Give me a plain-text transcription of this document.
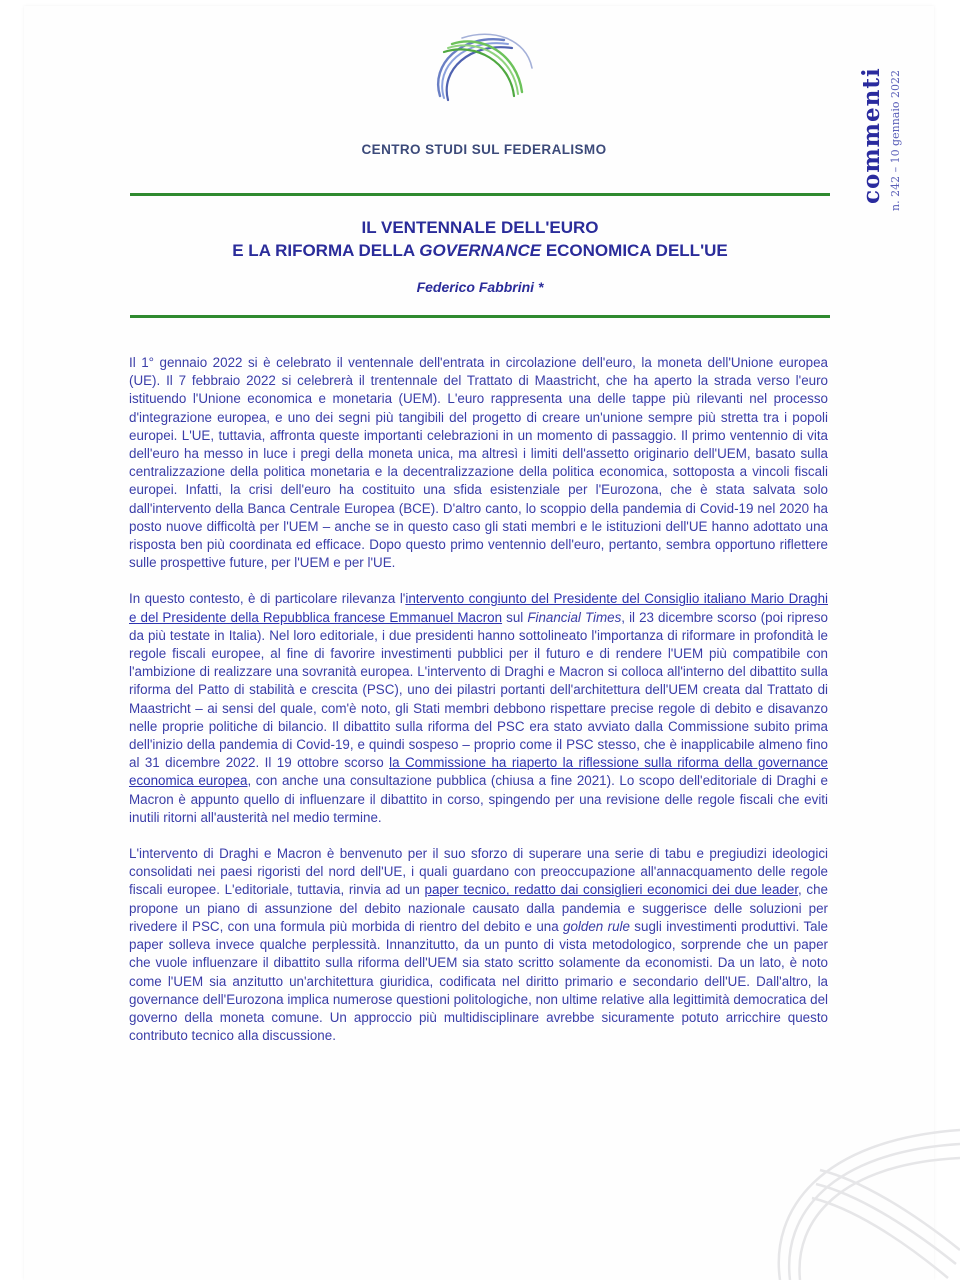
CENTRO STUDI SUL FEDERALISMO	commenti n. 242 – 10 gennaio 2022
IL VENTENNALE DELL'EURO
E LA RIFORMA DELLA GOVERNANCE ECONOMICA DELL'UE
Federico Fabbrini *

Il 1° gennaio 2022 si è celebrato il ventennale dell'entrata in circolazione dell'euro, la moneta dell'Unione europea (UE). Il 7 febbraio 2022 si celebrerà il trentennale del Trattato di Maastricht, che ha aperto la strada verso l'euro istituendo l'Unione economica e monetaria (UEM). L'euro rappresenta una delle tappe più rilevanti nel processo d'integrazione europea, e uno dei segni più tangibili del progetto di creare un'unione sempre più stretta tra i popoli europei. L'UE, tuttavia, affronta queste importanti celebrazioni in un momento di passaggio. Il primo ventennio di vita dell'euro ha messo in luce i pregi della moneta unica, ma altresì i limiti dell'assetto originario dell'UEM, basato sulla centralizzazione della politica monetaria e la decentralizzazione della politica economica, sottoposta a vincoli fiscali europei. Infatti, la crisi dell'euro ha costituito una sfida esistenziale per l'Eurozona, che è stata salvata solo dall'intervento della Banca Centrale Europea (BCE). D'altro canto, lo scoppio della pandemia di Covid-19 nel 2020 ha posto nuove difficoltà per l'UEM – anche se in questo caso gli stati membri e le istituzioni dell'UE hanno adottato una risposta ben più coordinata ed efficace. Dopo questo primo ventennio dell'euro, pertanto, sembra opportuno riflettere sulle prospettive future, per l'UEM e per l'UE.

In questo contesto, è di particolare rilevanza l'intervento congiunto del Presidente del Consiglio italiano Mario Draghi e del Presidente della Repubblica francese Emmanuel Macron sul Financial Times, il 23 dicembre scorso (poi ripreso da più testate in Italia). Nel loro editoriale, i due presidenti hanno sottolineato l'importanza di riformare in profondità le regole fiscali europee, al fine di favorire investimenti pubblici per il futuro e di rendere l'UEM più compatibile con l'ambizione di realizzare una sovranità europea. L'intervento di Draghi e Macron si colloca all'interno del dibattito sulla riforma del Patto di stabilità e crescita (PSC), uno dei pilastri portanti dell'architettura dell'UEM creata dal Trattato di Maastricht – ai sensi del quale, com'è noto, gli Stati membri debbono rispettare precise regole di debito e disavanzo nelle proprie politiche di bilancio. Il dibattito sulla riforma del PSC era stato avviato dalla Commissione subito prima dell'inizio della pandemia di Covid-19, e quindi sospeso – proprio come il PSC stesso, che è inapplicabile almeno fino al 31 dicembre 2022. Il 19 ottobre scorso la Commissione ha riaperto la riflessione sulla riforma della governance economica europea, con anche una consultazione pubblica (chiusa a fine 2021). Lo scopo dell'editoriale di Draghi e Macron è appunto quello di influenzare il dibattito in corso, spingendo per una revisione delle regole fiscali che eviti inutili ritorni all'austerità nel medio termine.

L'intervento di Draghi e Macron è benvenuto per il suo sforzo di superare una serie di tabu e pregiudizi ideologici consolidati nei paesi rigoristi del nord dell'UE, i quali guardano con preoccupazione all'annacquamento delle regole fiscali europee. L'editoriale, tuttavia, rinvia ad un paper tecnico, redatto dai consiglieri economici dei due leader, che propone un piano di assunzione del debito nazionale causato dalla pandemia e suggerisce delle soluzioni per rivedere il PSC, con una formula più morbida di rientro del debito e una golden rule sugli investimenti produttivi. Tale paper solleva invece qualche perplessità. Innanzitutto, da un punto di vista metodologico, sorprende che un paper che vuole influenzare il dibattito sulla riforma dell'UEM sia stato scritto solamente da economisti. Da un lato, è noto come l'UEM sia anzitutto un'architettura giuridica, codificata nel diritto primario e secondario dell'UE. Dall'altro, la governance dell'Eurozona implica numerose questioni politologiche, non ultime relative alla legittimità democratica del governo della moneta comune. Un approccio più multidisciplinare avrebbe sicuramente potuto arricchire questo contributo tecnico alla discussione.
